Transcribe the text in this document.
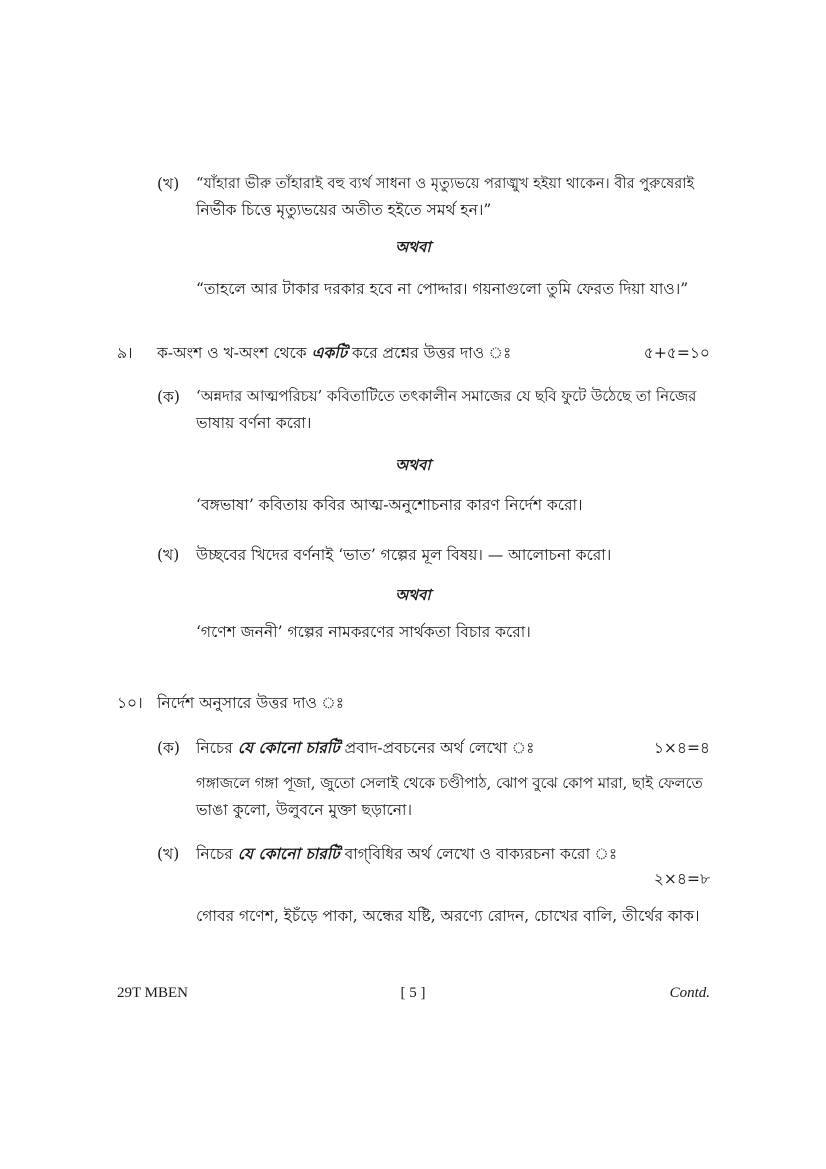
(খ) “যাঁহারা ভীরু তাঁহারাই বহু ব্যর্থ সাধনা ও মৃত্যুভয়ে পরাঙ্মুখ হইয়া থাকেন। বীর পুরুষেরাই
নির্ভীক চিত্তে মৃত্যুভয়ের অতীত হইতে সমর্থ হন।”
অথবা
“তাহলে আর টাকার দরকার হবে না পোদ্দার। গয়নাগুলো তুমি ফেরত দিয়া যাও।”
৯। ক-অংশ ও খ-অংশ থেকে একটি করে প্রশ্নের উত্তর দাও ঃ	৫+৫=১০
(ক) ‘অন্নদার আত্মপরিচয়’ কবিতাটিতে তৎকালীন সমাজের যে ছবি ফুটে উঠেছে তা নিজের
ভাষায় বর্ণনা করো।
অথবা
‘বঙ্গভাষা’ কবিতায় কবির আত্ম-অনুশোচনার কারণ নির্দেশ করো।
(খ) উচ্ছবের খিদের বর্ণনাই ‘ভাত’ গল্পের মূল বিষয়। — আলোচনা করো।
অথবা
‘গণেশ জননী’ গল্পের নামকরণের সার্থকতা বিচার করো।
১০। নির্দেশ অনুসারে উত্তর দাও ঃ
(ক) নিচের যে কোনো চারটি প্রবাদ-প্রবচনের অর্থ লেখো ঃ	১×৪=৪
গঙ্গাজলে গঙ্গা পূজা, জুতো সেলাই থেকে চণ্ডীপাঠ, ঝোপ বুঝে কোপ মারা, ছাই ফেলতে
ভাঙা কুলো, উলুবনে মুক্তা ছড়ানো।
(খ) নিচের যে কোনো চারটি বাগ্‌বিধির অর্থ লেখো ও বাক্যরচনা করো ঃ
২×৪=৮
গোবর গণেশ, ইচঁড়ে পাকা, অন্ধের যষ্টি, অরণ্যে রোদন, চোখের বালি, তীর্থের কাক।
29T MBEN	[ 5 ]	Contd.
